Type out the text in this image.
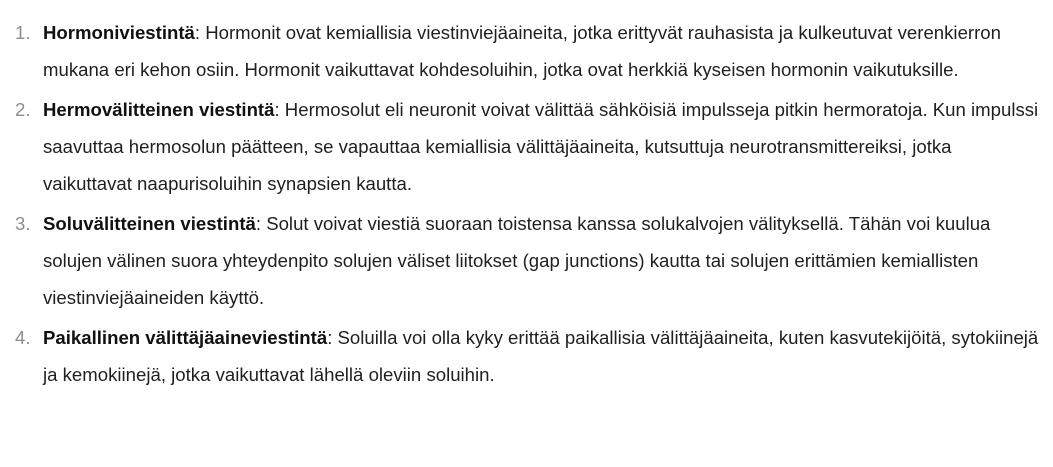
1. Hormoniviestintä: Hormonit ovat kemiallisia viestinviejäaineita, jotka erittyvät rauhasista ja kulkeutuvat verenkierron mukana eri kehon osiin. Hormonit vaikuttavat kohdesoluihin, jotka ovat herkkiä kyseisen hormonin vaikutuksille.
2. Hermovälitteinen viestintä: Hermosolut eli neuronit voivat välittää sähköisiä impulsseja pitkin hermoratoja. Kun impulssi saavuttaa hermosolun päätteen, se vapauttaa kemiallisia välittäjäaineita, kutsuttuja neurotransmittereiksi, jotka vaikuttavat naapurisoluihin synapsien kautta.
3. Soluvälitteinen viestintä: Solut voivat viestiä suoraan toistensa kanssa solukalvojen välityksellä. Tähän voi kuulua solujen välinen suora yhteydenpito solujen väliset liitokset (gap junctions) kautta tai solujen erittämien kemiallisten viestinviejäaineiden käyttö.
4. Paikallinen välittäjäaineviestintä: Soluilla voi olla kyky erittää paikallisia välittäjäaineita, kuten kasvutekijöitä, sytokiinejä ja kemokiinejä, jotka vaikuttavat lähellä oleviin soluihin.
